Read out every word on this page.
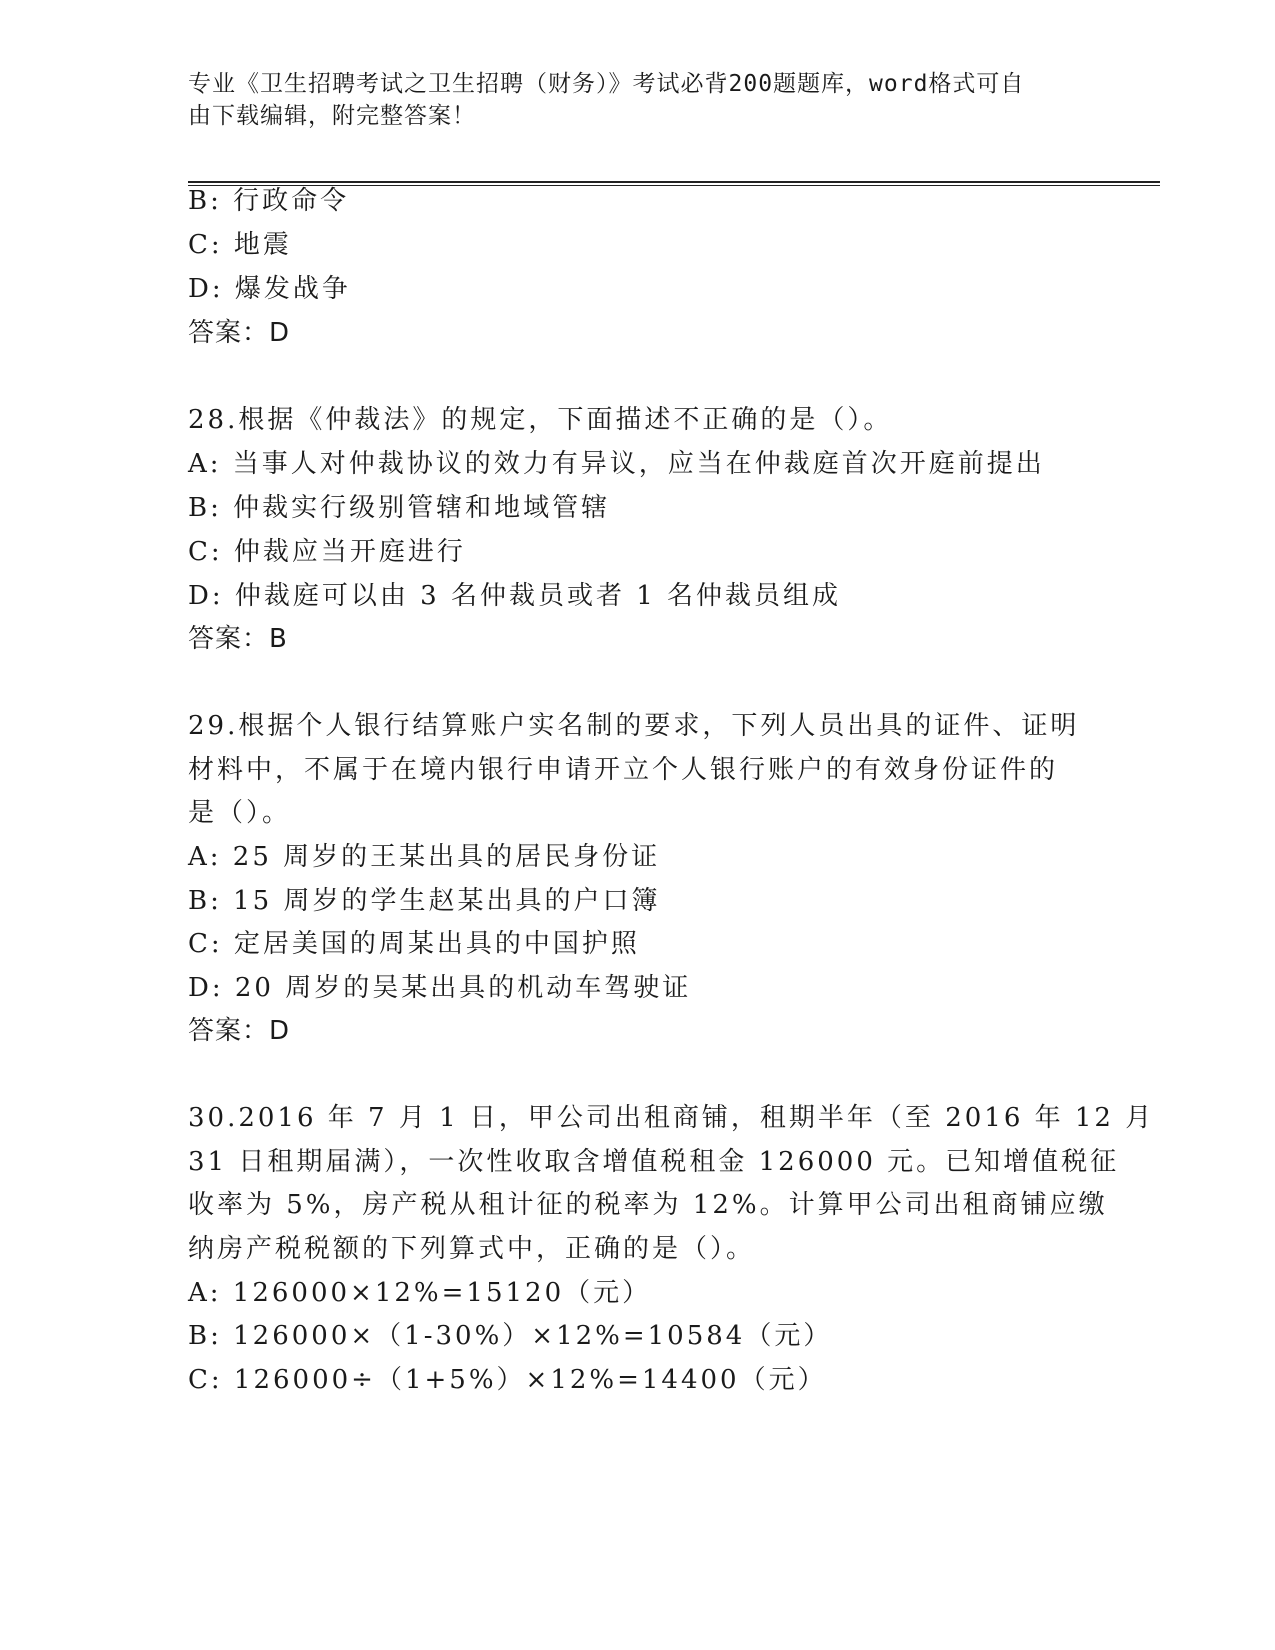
专业《卫生招聘考试之卫生招聘（财务）》考试必背200题题库，word格式可自
由下载编辑，附完整答案！
B: 行政命令
C: 地震
D: 爆发战争
答案：D
28.根据《仲裁法》的规定，下面描述不正确的是（）。
A: 当事人对仲裁协议的效力有异议，应当在仲裁庭首次开庭前提出
B: 仲裁实行级别管辖和地域管辖
C: 仲裁应当开庭进行
D: 仲裁庭可以由 3 名仲裁员或者 1 名仲裁员组成
答案：B
29.根据个人银行结算账户实名制的要求，下列人员出具的证件、证明
材料中，不属于在境内银行申请开立个人银行账户的有效身份证件的
是（）。
A: 25 周岁的王某出具的居民身份证
B: 15 周岁的学生赵某出具的户口簿
C: 定居美国的周某出具的中国护照
D: 20 周岁的吴某出具的机动车驾驶证
答案：D
30.2016 年 7 月 1 日，甲公司出租商铺，租期半年（至 2016 年 12 月
31 日租期届满），一次性收取含增值税租金 126000 元。已知增值税征
收率为 5%，房产税从租计征的税率为 12%。计算甲公司出租商铺应缴
纳房产税税额的下列算式中，正确的是（）。
A: 126000×12%=15120（元）
B: 126000×（1-30%）×12%=10584（元）
C: 126000÷（1+5%）×12%=14400（元）
